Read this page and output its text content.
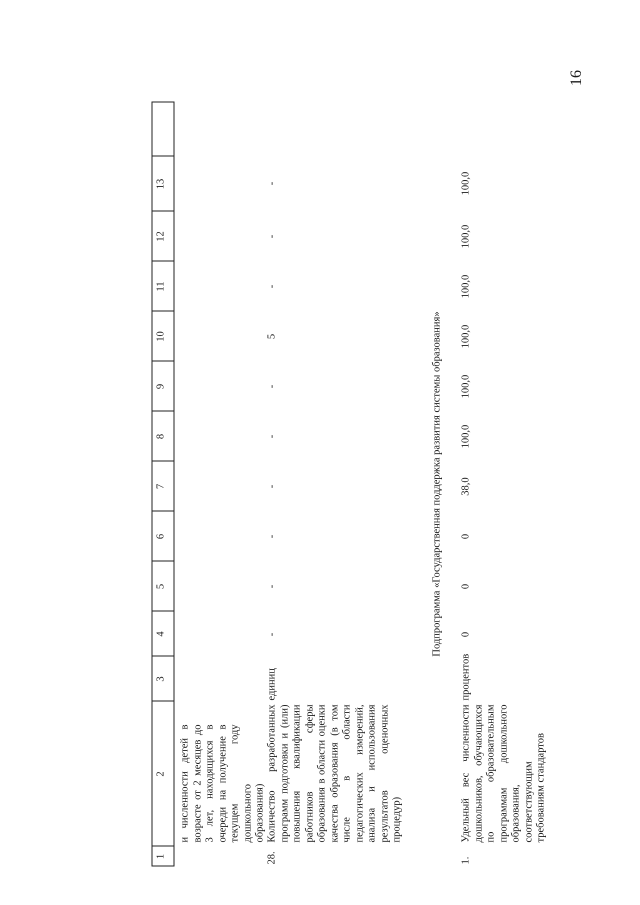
16
1
2
3
4
5
6
7
8
9
10
11
12
13
и численности детей в возрасте от 2 месяцев до 3 лет, находящихся в очереди на получение в текущем году дошкольного образования)
28.
Количество разработанных программ подготовки и (или) повышения квалификации работников сферы образования в области оценки качества образования (в том числе в области педагогических измерений, анализа и использования результатов оценочных процедур)
единиц
-
-
-
-
-
-
5
-
-
-
Подпрограмма «Государственная поддержка развития системы образования»
1.
Удельный вес численности дошкольников, обучающихся по образовательным программам дошкольного образования, соответствующим требованиям стандартов
процентов
0
0
0
38,0
100,0
100,0
100,0
100,0
100,0
100,0
